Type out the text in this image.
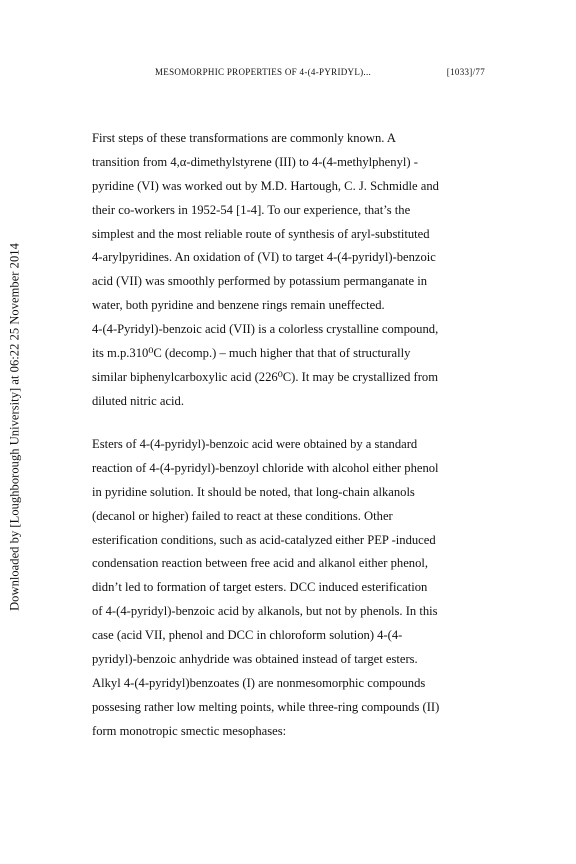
Downloaded by [Loughborough University] at 06:22 25 November 2014
MESOMORPHIC PROPERTIES OF 4-(4-PYRIDYL)...	[1033]/77
First steps of these transformations are commonly known. A
transition from 4,α-dimethylstyrene (III) to 4-(4-methylphenyl) -
pyridine (VI) was worked out by M.D. Hartough, C. J. Schmidle and
their co-workers in 1952-54 [1-4]. To our experience, that’s the
simplest and the most reliable route of synthesis of aryl-substituted
4-arylpyridines. An oxidation of (VI) to target 4-(4-pyridyl)-benzoic
acid (VII) was smoothly performed by potassium permanganate in
water, both pyridine and benzene rings remain uneffected.
4-(4-Pyridyl)-benzoic acid (VII) is a colorless crystalline compound,
its m.p.310⁰C (decomp.) – much higher that that of structurally
similar biphenylcarboxylic acid (226⁰C). It may be crystallized from
diluted nitric acid.
Esters of 4-(4-pyridyl)-benzoic acid were obtained by a standard
reaction of 4-(4-pyridyl)-benzoyl chloride with alcohol either phenol
in pyridine solution. It should be noted, that long-chain alkanols
(decanol or higher) failed to react at these conditions. Other
esterification conditions, such as acid-catalyzed either PEP -induced
condensation reaction between free acid and alkanol either phenol,
didn’t led to formation of target esters. DCC induced esterification
of 4-(4-pyridyl)-benzoic acid by alkanols, but not by phenols. In this
case (acid VII, phenol and DCC in chloroform solution) 4-(4-
pyridyl)-benzoic anhydride was obtained instead of target esters.
Alkyl 4-(4-pyridyl)benzoates (I) are nonmesomorphic compounds
possesing rather low melting points, while three-ring compounds (II)
form monotropic smectic mesophases:
